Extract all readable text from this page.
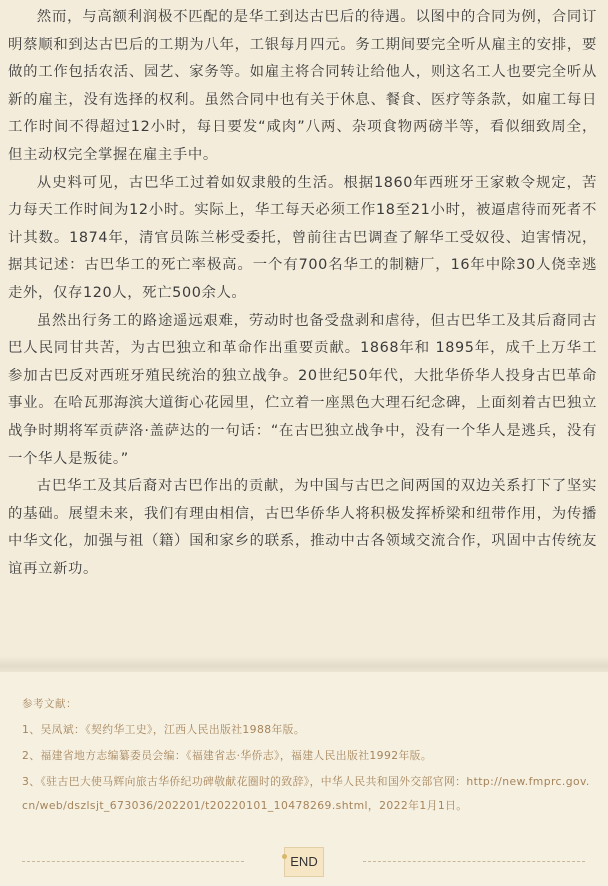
然而，与高额利润极不匹配的是华工到达古巴后的待遇。以图中的合同为例，合同订明蔡顺和到达古巴后的工期为八年，工银每月四元。务工期间要完全听从雇主的安排，要做的工作包括农活、园艺、家务等。如雇主将合同转让给他人，则这名工人也要完全听从新的雇主，没有选择的权利。虽然合同中也有关于休息、餐食、医疗等条款，如雇工每日工作时间不得超过12小时，每日要发“咸肉”八两、杂项食物两磅半等，看似细致周全，但主动权完全掌握在雇主手中。

从史料可见，古巴华工过着如奴隶般的生活。根据1860年西班牙王家敕令规定，苦力每天工作时间为12小时。实际上，华工每天必须工作18至21小时，被逼虐待而死者不计其数。1874年，清官员陈兰彬受委托，曾前往古巴调查了解华工受奴役、迫害情况，据其记述：古巴华工的死亡率极高。一个有700名华工的制糖厂，16年中除30人侥幸逃走外，仅存120人，死亡500余人。

虽然出行务工的路途遥远艰难，劳动时也备受盘剥和虐待，但古巴华工及其后裔同古巴人民同甘共苦，为古巴独立和革命作出重要贡献。1868年和 1895年，成千上万华工参加古巴反对西班牙殖民统治的独立战争。20世纪50年代，大批华侨华人投身古巴革命事业。在哈瓦那海滨大道街心花园里，伫立着一座黑色大理石纪念碑，上面刻着古巴独立战争时期将军贡萨洛·盖萨达的一句话：“在古巴独立战争中，没有一个华人是逃兵，没有一个华人是叛徒。”

古巴华工及其后裔对古巴作出的贡献，为中国与古巴之间两国的双边关系打下了坚实的基础。展望未来，我们有理由相信，古巴华侨华人将积极发挥桥梁和纽带作用，为传播中华文化，加强与祖（籍）国和家乡的联系，推动中古各领域交流合作，巩固中古传统友谊再立新功。

参考文献：
1、吴凤斌：《契约华工史》，江西人民出版社1988年版。
2、福建省地方志编纂委员会编：《福建省志·华侨志》，福建人民出版社1992年版。
3、《驻古巴大使马辉向旅古华侨纪功碑敬献花圈时的致辞》，中华人民共和国外交部官网：http://new.fmprc.gov.cn/web/dszlsjt_673036/202201/t20220101_10478269.shtml，2022年1月1日。
END
